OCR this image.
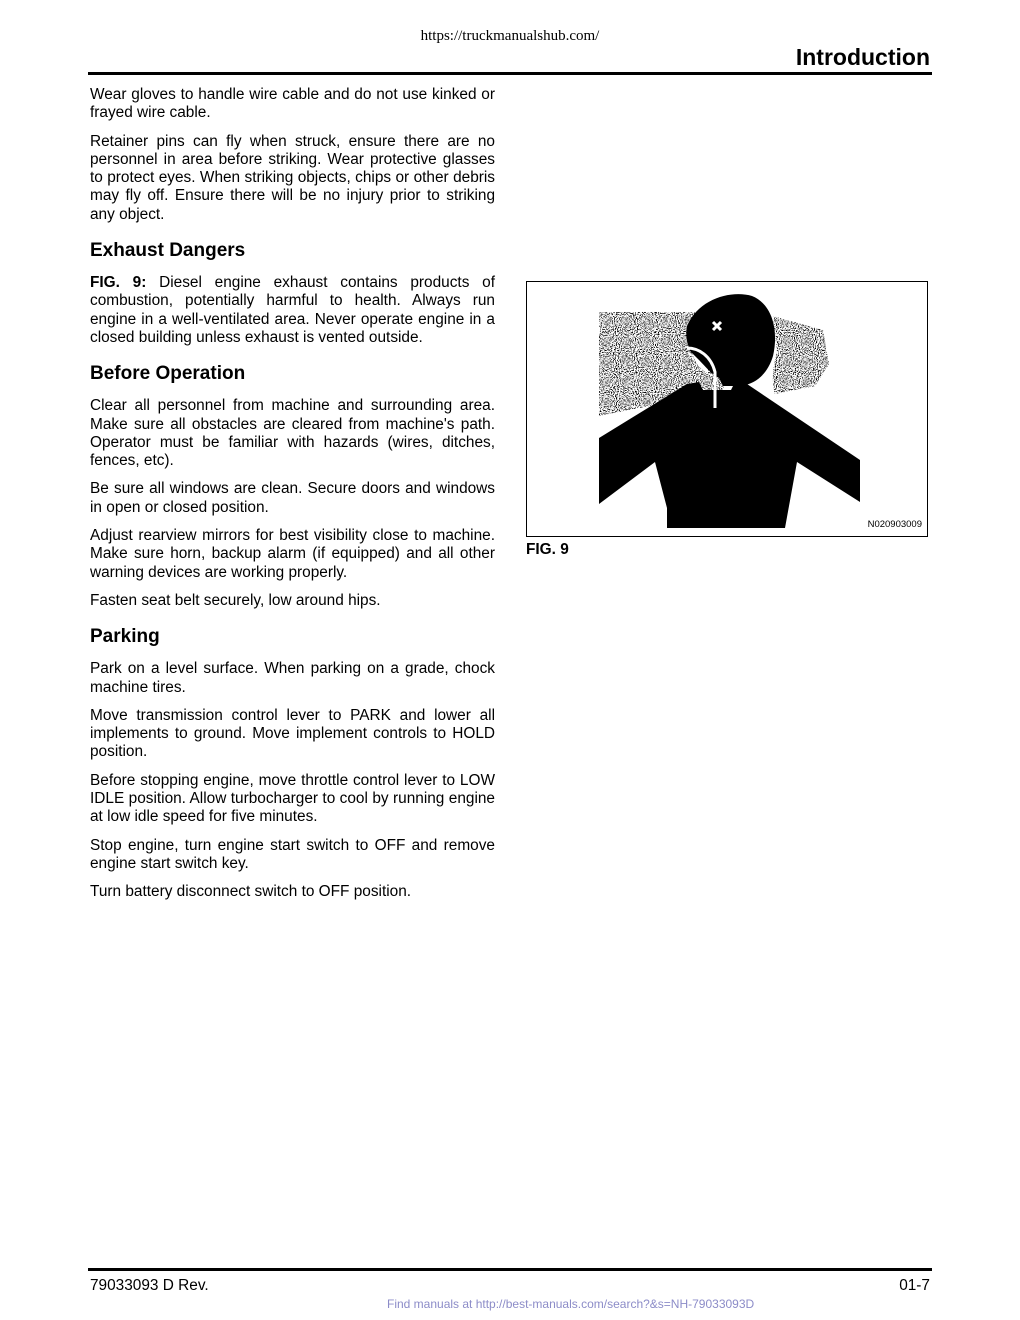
https://truckmanualshub.com/
Introduction

Wear gloves to handle wire cable and do not use kinked or frayed wire cable.

Retainer pins can fly when struck, ensure there are no personnel in area before striking. Wear protective glasses to protect eyes. When striking objects, chips or other debris may fly off. Ensure there will be no injury prior to striking any object.

Exhaust Dangers

FIG. 9: Diesel engine exhaust contains products of combustion, potentially harmful to health. Always run engine in a well-ventilated area. Never operate engine in a closed building unless exhaust is vented outside.

Before Operation

Clear all personnel from machine and surrounding area. Make sure all obstacles are cleared from machine's path. Operator must be familiar with hazards (wires, ditches, fences, etc).

Be sure all windows are clean. Secure doors and windows in open or closed position.

Adjust rearview mirrors for best visibility close to machine. Make sure horn, backup alarm (if equipped) and all other warning devices are working properly.

Fasten seat belt securely, low around hips.

Parking

Park on a level surface. When parking on a grade, chock machine tires.

Move transmission control lever to PARK and lower all implements to ground. Move implement controls to HOLD position.

Before stopping engine, move throttle control lever to LOW IDLE position. Allow turbocharger to cool by running engine at low idle speed for five minutes.

Stop engine, turn engine start switch to OFF and remove engine start switch key.

Turn battery disconnect switch to OFF position.

N020903009
FIG. 9
79033093 D Rev.	01-7
Find manuals at http://best-manuals.com/search?&s=NH-79033093D
